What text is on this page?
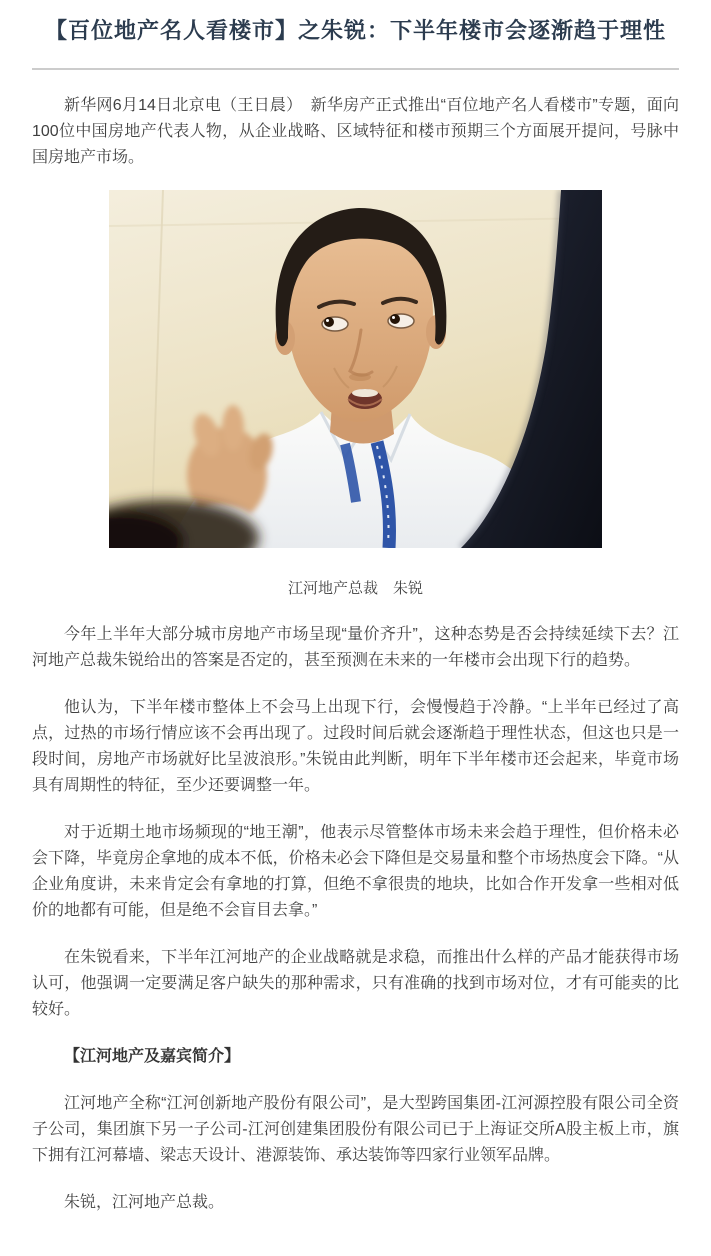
【百位地产名人看楼市】之朱锐：下半年楼市会逐渐趋于理性

新华网6月14日北京电（王日晨）　新华房产正式推出“百位地产名人看楼市”专题，面向100位中国房地产代表人物，从企业战略、区域特征和楼市预期三个方面展开提问，号脉中国房地产市场。

江河地产总裁　朱锐

今年上半年大部分城市房地产市场呈现“量价齐升”，这种态势是否会持续延续下去？江河地产总裁朱锐给出的答案是否定的，甚至预测在未来的一年楼市会出现下行的趋势。

他认为，下半年楼市整体上不会马上出现下行，会慢慢趋于冷静。“上半年已经过了高点，过热的市场行情应该不会再出现了。过段时间后就会逐渐趋于理性状态，但这也只是一段时间，房地产市场就好比呈波浪形。”朱锐由此判断，明年下半年楼市还会起来，毕竟市场具有周期性的特征，至少还要调整一年。

对于近期土地市场频现的“地王潮”，他表示尽管整体市场未来会趋于理性，但价格未必会下降，毕竟房企拿地的成本不低，价格未必会下降但是交易量和整个市场热度会下降。“从企业角度讲，未来肯定会有拿地的打算，但绝不拿很贵的地块，比如合作开发拿一些相对低价的地都有可能，但是绝不会盲目去拿。”

在朱锐看来，下半年江河地产的企业战略就是求稳，而推出什么样的产品才能获得市场认可，他强调一定要满足客户缺失的那种需求，只有准确的找到市场对位，才有可能卖的比较好。

【江河地产及嘉宾简介】

江河地产全称“江河创新地产股份有限公司”，是大型跨国集团-江河源控股有限公司全资子公司，集团旗下另一子公司-江河创建集团股份有限公司已于上海证交所A股主板上市，旗下拥有江河幕墙、梁志天设计、港源装饰、承达装饰等四家行业领军品牌。

朱锐，江河地产总裁。
